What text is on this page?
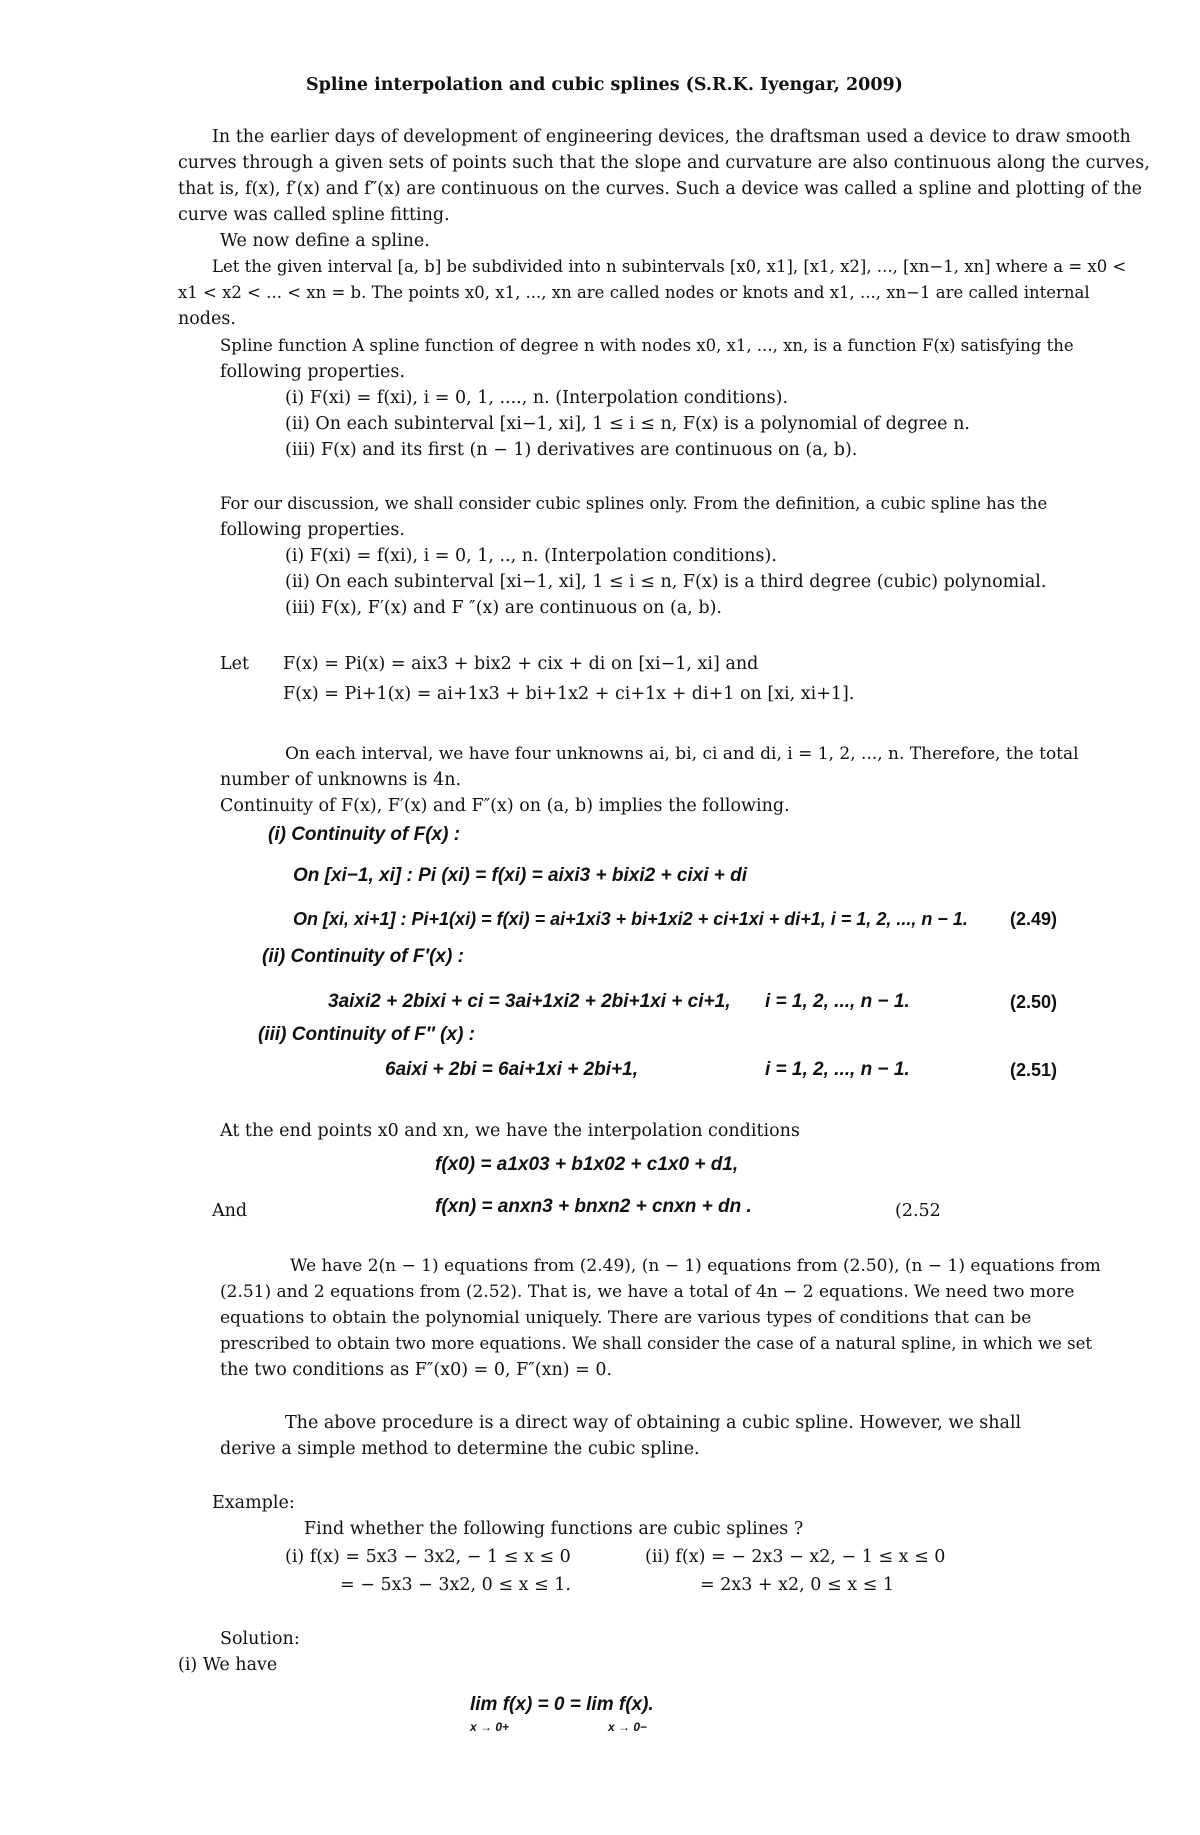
Spline interpolation and cubic splines (S.R.K. Iyengar, 2009)
In the earlier days of development of engineering devices, the draftsman used a device to draw smooth
curves through a given sets of points such that the slope and curvature are also continuous along the curves,
that is, f(x), f′(x) and f″(x) are continuous on the curves. Such a device was called a spline and plotting of the
curve was called spline fitting.
We now define a spline.
Let the given interval [a, b] be subdivided into n subintervals [x0, x1], [x1, x2], ..., [xn−1, xn] where a = x0 <
x1 < x2 < ... < xn = b. The points x0, x1, ..., xn are called nodes or knots and x1, ..., xn−1 are called internal
nodes.
Spline function A spline function of degree n with nodes x0, x1, ..., xn, is a function F(x) satisfying the
following properties.
(i) F(xi) = f(xi), i = 0, 1, ...., n. (Interpolation conditions).
(ii) On each subinterval [xi−1, xi], 1 ≤ i ≤ n, F(x) is a polynomial of degree n.
(iii) F(x) and its first (n − 1) derivatives are continuous on (a, b).
For our discussion, we shall consider cubic splines only. From the definition, a cubic spline has the
following properties.
(i) F(xi) = f(xi), i = 0, 1, .., n. (Interpolation conditions).
(ii) On each subinterval [xi−1, xi], 1 ≤ i ≤ n, F(x) is a third degree (cubic) polynomial.
(iii) F(x), F′(x) and F ″(x) are continuous on (a, b).
Let F(x) = Pi(x) = aix3 + bix2 + cix + di on [xi−1, xi] and
F(x) = Pi+1(x) = ai+1x3 + bi+1x2 + ci+1x + di+1 on [xi, xi+1].
On each interval, we have four unknowns ai, bi, ci and di, i = 1, 2, ..., n. Therefore, the total
number of unknowns is 4n.
Continuity of F(x), F′(x) and F″(x) on (a, b) implies the following.
(i) Continuity of F(x) :
On [xi−1, xi] : Pi (xi) = f(xi) = aixi3 + bixi2 + cixi + di
On [xi, xi+1] : Pi+1(xi) = f(xi) = ai+1xi3 + bi+1xi2 + ci+1xi + di+1, i = 1, 2, ..., n − 1. (2.49)
(ii) Continuity of F′(x) :
3aixi2 + 2bixi + ci = 3ai+1xi2 + 2bi+1xi + ci+1, i = 1, 2, ..., n − 1.	(2.50)
(iii) Continuity of F″ (x) :
6aixi + 2bi = 6ai+1xi + 2bi+1,	i = 1, 2, ..., n − 1.	(2.51)
At the end points x0 and xn, we have the interpolation conditions
f(x0) = a1x03 + b1x02 + c1x0 + d1,
And	f(xn) = anxn3 + bnxn2 + cnxn + dn .	(2.52
We have 2(n − 1) equations from (2.49), (n − 1) equations from (2.50), (n − 1) equations from
(2.51) and 2 equations from (2.52). That is, we have a total of 4n − 2 equations. We need two more
equations to obtain the polynomial uniquely. There are various types of conditions that can be
prescribed to obtain two more equations. We shall consider the case of a natural spline, in which we set
the two conditions as F″(x0) = 0, F″(xn) = 0.
The above procedure is a direct way of obtaining a cubic spline. However, we shall
derive a simple method to determine the cubic spline.
Example:
Find whether the following functions are cubic splines ?
(i) f(x) = 5x3 − 3x2, − 1 ≤ x ≤ 0	(ii) f(x) = − 2x3 − x2, − 1 ≤ x ≤ 0
= − 5x3 − 3x2, 0 ≤ x ≤ 1.	= 2x3 + x2, 0 ≤ x ≤ 1
Solution:
(i) We have
lim f(x) = 0 = lim f(x).
x → 0+	x → 0−
